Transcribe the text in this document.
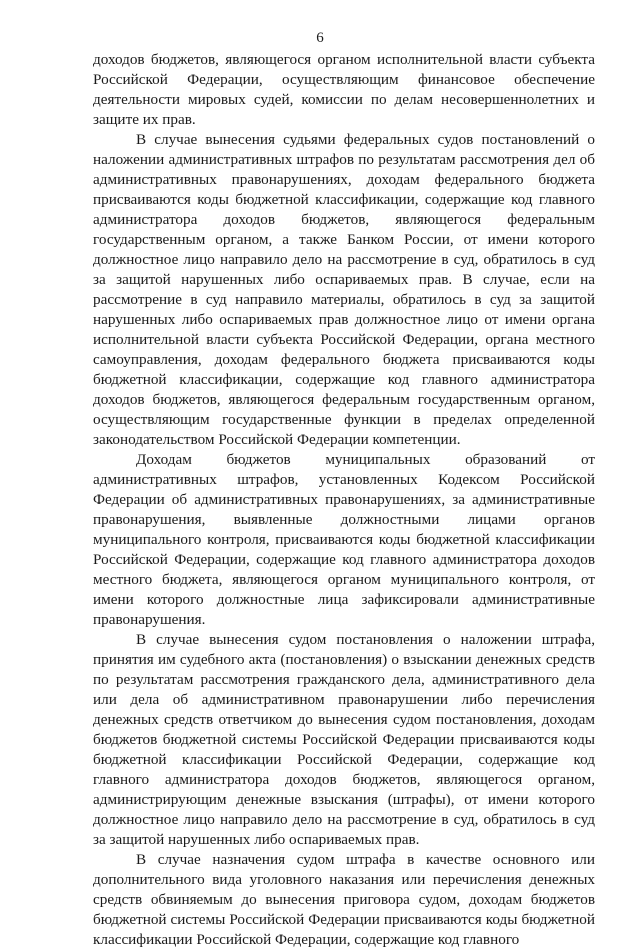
6

доходов бюджетов, являющегося органом исполнительной власти субъекта Российской Федерации, осуществляющим финансовое обеспечение деятельности мировых судей, комиссии по делам несовершеннолетних и защите их прав.

В случае вынесения судьями федеральных судов постановлений о наложении административных штрафов по результатам рассмотрения дел об административных правонарушениях, доходам федерального бюджета присваиваются коды бюджетной классификации, содержащие код главного администратора доходов бюджетов, являющегося федеральным государственным органом, а также Банком России, от имени которого должностное лицо направило дело на рассмотрение в суд, обратилось в суд за защитой нарушенных либо оспариваемых прав. В случае, если на рассмотрение в суд направило материалы, обратилось в суд за защитой нарушенных либо оспариваемых прав должностное лицо от имени органа исполнительной власти субъекта Российской Федерации, органа местного самоуправления, доходам федерального бюджета присваиваются коды бюджетной классификации, содержащие код главного администратора доходов бюджетов, являющегося федеральным государственным органом, осуществляющим государственные функции в пределах определенной законодательством Российской Федерации компетенции.

Доходам бюджетов муниципальных образований от административных штрафов, установленных Кодексом Российской Федерации об административных правонарушениях, за административные правонарушения, выявленные должностными лицами органов муниципального контроля, присваиваются коды бюджетной классификации Российской Федерации, содержащие код главного администратора доходов местного бюджета, являющегося органом муниципального контроля, от имени которого должностные лица зафиксировали административные правонарушения.

В случае вынесения судом постановления о наложении штрафа, принятия им судебного акта (постановления) о взыскании денежных средств по результатам рассмотрения гражданского дела, административного дела или дела об административном правонарушении либо перечисления денежных средств ответчиком до вынесения судом постановления, доходам бюджетов бюджетной системы Российской Федерации присваиваются коды бюджетной классификации Российской Федерации, содержащие код главного администратора доходов бюджетов, являющегося органом, администрирующим денежные взыскания (штрафы), от имени которого должностное лицо направило дело на рассмотрение в суд, обратилось в суд за защитой нарушенных либо оспариваемых прав.

В случае назначения судом штрафа в качестве основного или дополнительного вида уголовного наказания или перечисления денежных средств обвиняемым до вынесения приговора судом, доходам бюджетов бюджетной системы Российской Федерации присваиваются коды бюджетной классификации Российской Федерации, содержащие код главного
